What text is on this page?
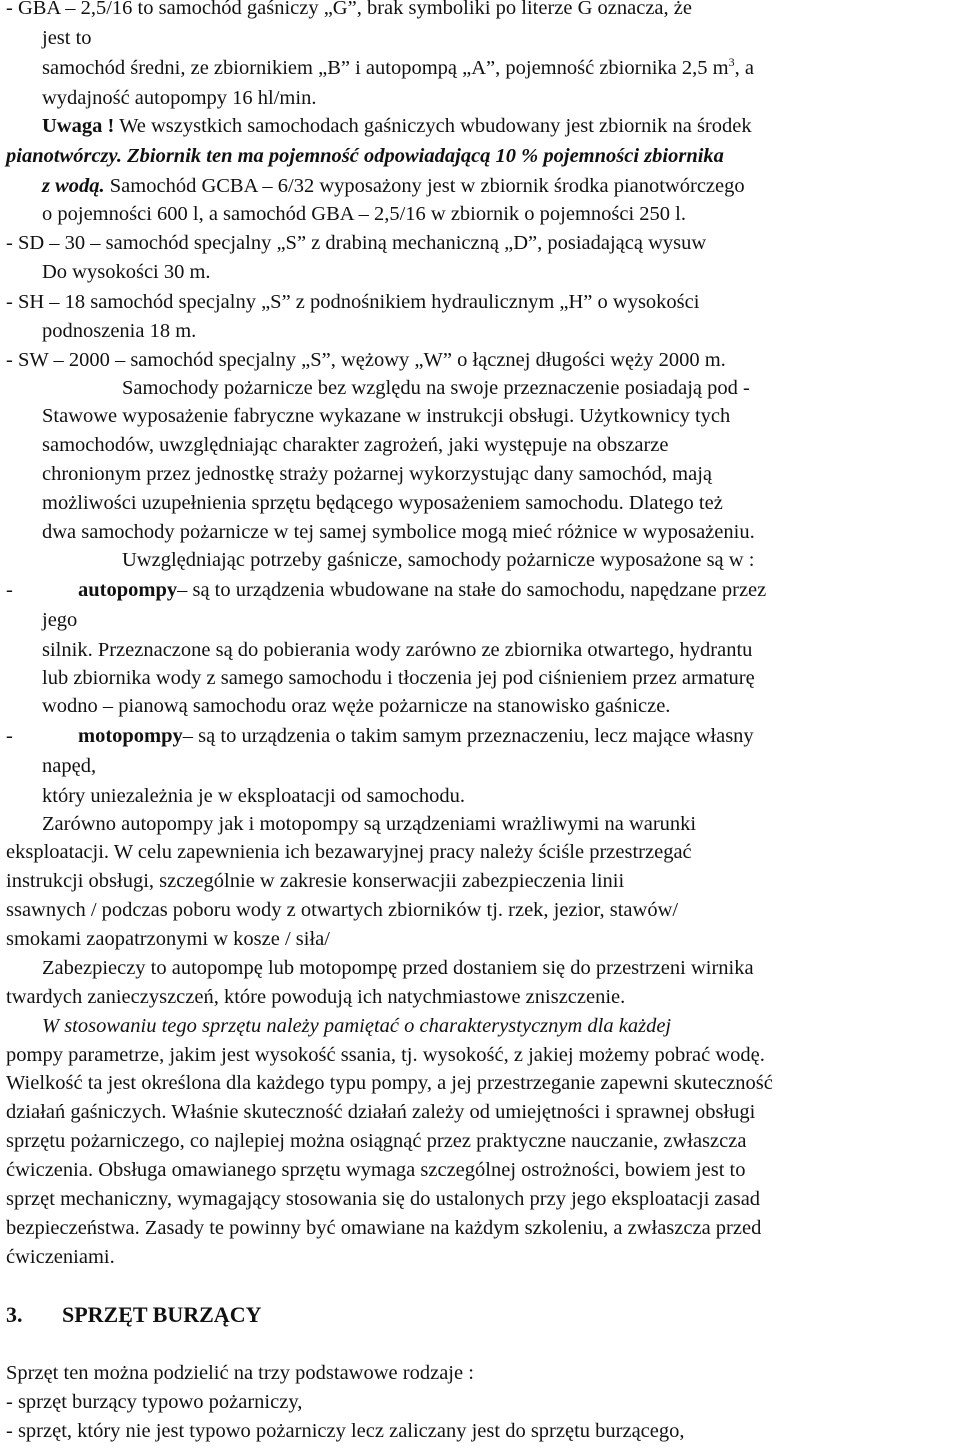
- GBA – 2,5/16 to samochód gaśniczy „G”, brak symboliki po literze G oznacza, że
jest to
samochód średni, ze zbiornikiem „B” i autopompą „A”, pojemność zbiornika 2,5 $m^3$, a
wydajność autopompy 16 hl/min.
Uwaga ! We wszystkich samochodach gaśniczych wbudowany jest zbiornik na środek
pianotwórczy. Zbiornik ten ma pojemność odpowiadającą 10 % pojemności zbiornika
z wodą. Samochód GCBA – 6/32 wyposażony jest w zbiornik środka pianotwórczego
o pojemności 600 l, a samochód GBA – 2,5/16 w zbiornik o pojemności 250 l.
- SD – 30 – samochód specjalny „S” z drabiną mechaniczną „D”, posiadającą wysuw
Do wysokości 30 m.
- SH – 18 samochód specjalny „S” z podnośnikiem hydraulicznym „H” o wysokości
podnoszenia 18 m.
- SW – 2000 – samochód specjalny „S”, wężowy „W” o łącznej długości węży 2000 m.
Samochody pożarnicze bez względu na swoje przeznaczenie posiadają pod -
Stawowe wyposażenie fabryczne wykazane w instrukcji obsługi. Użytkownicy tych
samochodów, uwzględniając charakter zagrożeń, jaki występuje na obszarze
chronionym przez jednostkę straży pożarnej wykorzystując dany samochód, mają
możliwości uzupełnienia sprzętu będącego wyposażeniem samochodu. Dlatego też
dwa samochody pożarnicze w tej samej symbolice mogą mieć różnice w wyposażeniu.
Uwzględniając potrzeby gaśnicze, samochody pożarnicze wyposażone są w :
-	autopompy– są to urządzenia wbudowane na stałe do samochodu, napędzane przez
jego
silnik. Przeznaczone są do pobierania wody zarówno ze zbiornika otwartego, hydrantu
lub zbiornika wody z samego samochodu i tłoczenia jej pod ciśnieniem przez armaturę
wodno – pianową samochodu oraz węże pożarnicze na stanowisko gaśnicze.
-	motopompy– są to urządzenia o takim samym przeznaczeniu, lecz mające własny
napęd,
który uniezależnia je w eksploatacji od samochodu.
Zarówno autopompy jak i motopompy są urządzeniami wrażliwymi na warunki
eksploatacji. W celu zapewnienia ich bezawaryjnej pracy należy ściśle przestrzegać
instrukcji obsługi, szczególnie w zakresie konserwacjii zabezpieczenia linii
ssawnych / podczas poboru wody z otwartych zbiorników tj. rzek, jezior, stawów/
smokami zaopatrzonymi w kosze / siła/
Zabezpieczy to autopompę lub motopompę przed dostaniem się do przestrzeni wirnika
twardych zanieczyszczeń, które powodują ich natychmiastowe zniszczenie.
W stosowaniu tego sprzętu należy pamiętać o charakterystycznym dla każdej
pompy parametrze, jakim jest wysokość ssania, tj. wysokość, z jakiej możemy pobrać wodę.
Wielkość ta jest określona dla każdego typu pompy, a jej przestrzeganie zapewni skuteczność
działań gaśniczych. Właśnie skuteczność działań zależy od umiejętności i sprawnej obsługi
sprzętu pożarniczego, co najlepiej można osiągnąć przez praktyczne nauczanie, zwłaszcza
ćwiczenia. Obsługa omawianego sprzętu wymaga szczególnej ostrożności, bowiem jest to
sprzęt mechaniczny, wymagający stosowania się do ustalonych przy jego eksploatacji zasad
bezpieczeństwa. Zasady te powinny być omawiane na każdym szkoleniu, a zwłaszcza przed
ćwiczeniami.
3. SPRZĘT BURZĄCY
Sprzęt ten można podzielić na trzy podstawowe rodzaje :
- sprzęt burzący typowo pożarniczy,
- sprzęt, który nie jest typowo pożarniczy lecz zaliczany jest do sprzętu burzącego,
